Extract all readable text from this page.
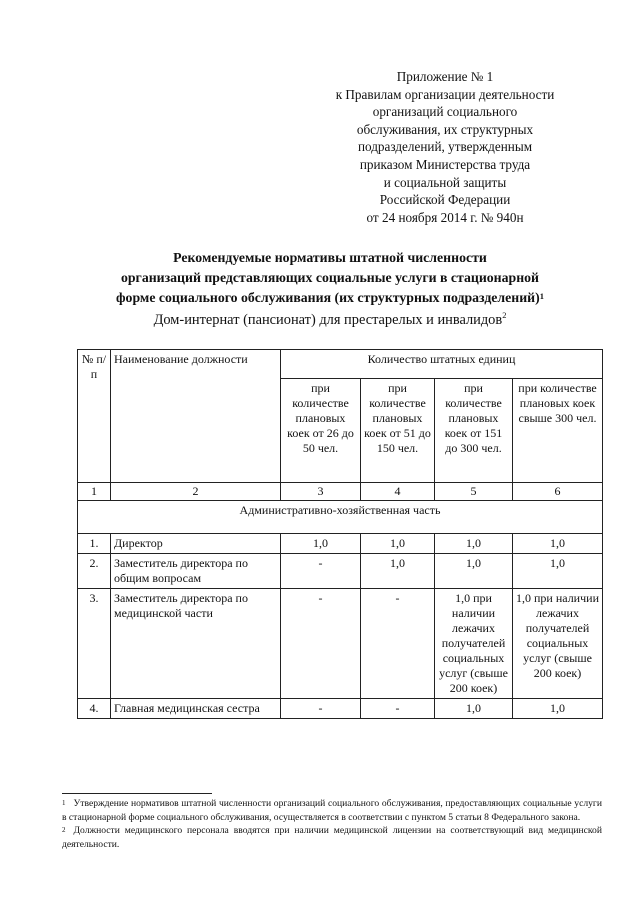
Приложение № 1
к Правилам организации деятельности
организаций социального
обслуживания, их структурных
подразделений, утвержденным
приказом Министерства труда
и социальной защиты
Российской Федерации
от 24 ноября 2014 г. № 940н
Рекомендуемые нормативы штатной численности
организаций представляющих социальные услуги в стационарной
форме социального обслуживания (их структурных подразделений)$^1$
Дом-интернат (пансионат) для престарелых и инвалидов$^2$
№ п/п	Наименование должности	Количество штатных единиц			
		при количестве плановых коек от 26 до 50 чел.	при количестве плановых коек от 51 до 150 чел.	при количестве плановых коек от 151 до 300 чел.	при количестве плановых коек свыше 300 чел.
1	2	3	4	5	6
Административно-хозяйственная часть					
1.	Директор	1,0	1,0	1,0	1,0
2.	Заместитель директора по общим вопросам	-	1,0	1,0	1,0
3.	Заместитель директора по медицинской части	-	-	1,0 при наличии лежачих получателей социальных услуг (свыше 200 коек)	1,0 при наличии лежачих получателей социальных услуг (свыше 200 коек)
4.	Главная медицинская сестра	-	-	1,0	1,0

$^1$ Утверждение нормативов штатной численности организаций социального обслуживания, предоставляющих социальные услуги в стационарной форме социального обслуживания, осуществляется в соответствии с пунктом 5 статьи 8 Федерального закона.

$^2$ Должности медицинского персонала вводятся при наличии медицинской лицензии на соответствующий вид медицинской деятельности.
